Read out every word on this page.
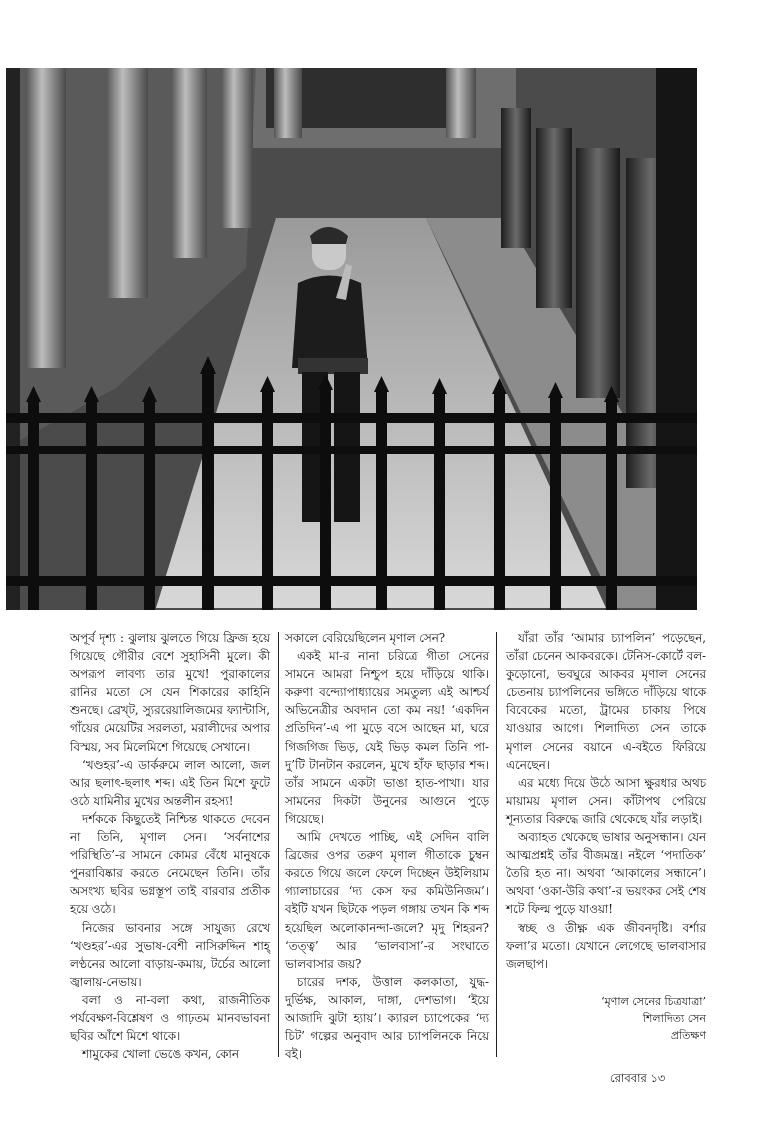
অপূর্ব দৃশ্য : ঝুলায় ঝুলতে গিয়ে ফ্রিজ হয়ে গিয়েছে গৌরীর বেশে সুহাসিনী মুলে। কী অপরূপ লাবণ্য তার মুখে! পুরাকালের রানির মতো সে যেন শিকারের কাহিনি শুনছে। ব্রেখ্‌ট, স্যুররেয়ালিজমের ফ্যান্টাসি, গাঁয়ের মেয়েটির সরলতা, মরালীদের অপার বিস্ময়, সব মিলেমিশে গিয়েছে সেখানে।

‘খণ্ডহর’-এ ডার্করুমে লাল আলো, জল আর ছলাৎ-ছলাৎ শব্দ। এই তিন মিশে ফুটে ওঠে যামিনীর মুখের অন্তলীন রহস্য!

দর্শককে কিছুতেই নিশ্চিন্ত থাকতে দেবেন না তিনি, মৃণাল সেন। ‘সর্বনাশের পরিস্থিতি’-র সামনে কোমর বেঁধে মানুষকে পুনরাবিষ্কার করতে নেমেছেন তিনি। তাঁর অসংখ্য ছবির ভগ্নস্তূপ তাই বারবার প্রতীক হয়ে ওঠে।

নিজের ভাবনার সঙ্গে সাযুজ্য রেখে ‘খণ্ডহর’-এর সুভাষ-বেশী নাসিরুদ্দিন শাহ্ লণ্ঠনের আলো বাড়ায়-কমায়, টর্চের আলো জ্বালায়-নেভায়।

বলা ও না-বলা কথা, রাজনীতিক পর্যবেক্ষণ-বিশ্লেষণ ও গাঢ়তম মানবভাবনা ছবির আঁশে মিশে থাকে।

শামুকের খোলা ভেঙে কখন, কোন

সকালে বেরিয়েছিলেন মৃণাল সেন?

একই মা-র নানা চরিত্রে গীতা সেনের সামনে আমরা নিশ্চুপ হয়ে দাঁড়িয়ে থাকি। করুণা বন্দ্যোপাধ্যায়ের সমতুল্য এই আশ্চর্য অভিনেত্রীর অবদান তো কম নয়! ‘একদিন প্রতিদিন’-এ পা মুড়ে বসে আছেন মা, ঘরে গিজগিজ ভিড়, যেই ভিড় কমল তিনি পা-দু’টি টানটান করলেন, মুখে হাঁফ ছাড়ার শব্দ। তাঁর সামনে একটা ভাঙা হাত-পাখা। যার সামনের দিকটা উনুনের আগুনে পুড়ে গিয়েছে।

আমি দেখতে পাচ্ছি, এই সেদিন বালি ব্রিজের ওপর তরুণ মৃণাল গীতাকে চুম্বন করতে গিয়ে জলে ফেলে দিচ্ছেন উইলিয়াম গ্যালাচারের ‘দ্য কেস ফর কমিউনিজম’। বইটি যখন ছিটকে পড়ল গঙ্গায় তখন কি শব্দ হয়েছিল অলোকানন্দা-জলে? মৃদু শিহরন? ‘তত্ত্ব’ আর ‘ভালবাসা’-র সংঘাতে ভালবাসার জয়?

চারের দশক, উত্তাল কলকাতা, যুদ্ধ-দুর্ভিক্ষ, আকাল, দাঙ্গা, দেশভাগ। ‘ইয়ে আজাদি ঝুটা হ্যায়’। ক্যারল চ্যাপেকের ‘দ্য চিট’ গল্পের অনুবাদ আর চ্যাপলিনকে নিয়ে বই।

যাঁরা তাঁর ‘আমার চ্যাপলিন’ পড়েছেন, তাঁরা চেনেন আকবরকে। টেনিস-কোর্টে বল-কুড়োনো, ভবঘুরে আকবর মৃণাল সেনের চেতনায় চ্যাপলিনের ভঙ্গিতে দাঁড়িয়ে থাকে বিবেকের মতো, ট্রামের চাকায় পিষে যাওয়ার আগে। শিলাদিত্য সেন তাকে মৃণাল সেনের বয়ানে এ-বইতে ফিরিয়ে এনেছেন।

এর মধ্যে দিয়ে উঠে আসা ক্ষুরধার অথচ মায়াময় মৃণাল সেন। কাঁটাপথ পেরিয়ে শূন্যতার বিরুদ্ধে জারি থেকেছে যাঁর লড়াই।

অব্যাহত থেকেছে ভাষার অনুসন্ধান। যেন আত্মপ্রশ্নই তাঁর বীজমন্ত্র। নইলে ‘পদাতিক’ তৈরি হত না। অথবা ‘আকালের সন্ধানে’। অথবা ‘ওকা-উরি কথা’-র ভয়ংকর সেই শেষ শটে ফিল্ম পুড়ে যাওয়া!

স্বচ্ছ ও তীক্ষ্ণ এক জীবনদৃষ্টি। বর্শার ফলা’র মতো। যেখানে লেগেছে ভালবাসার জলছাপ।

‘মৃণাল সেনের চিত্রযাত্রা’
শিলাদিত্য সেন
প্রতিক্ষণ
রোববার ১৩
